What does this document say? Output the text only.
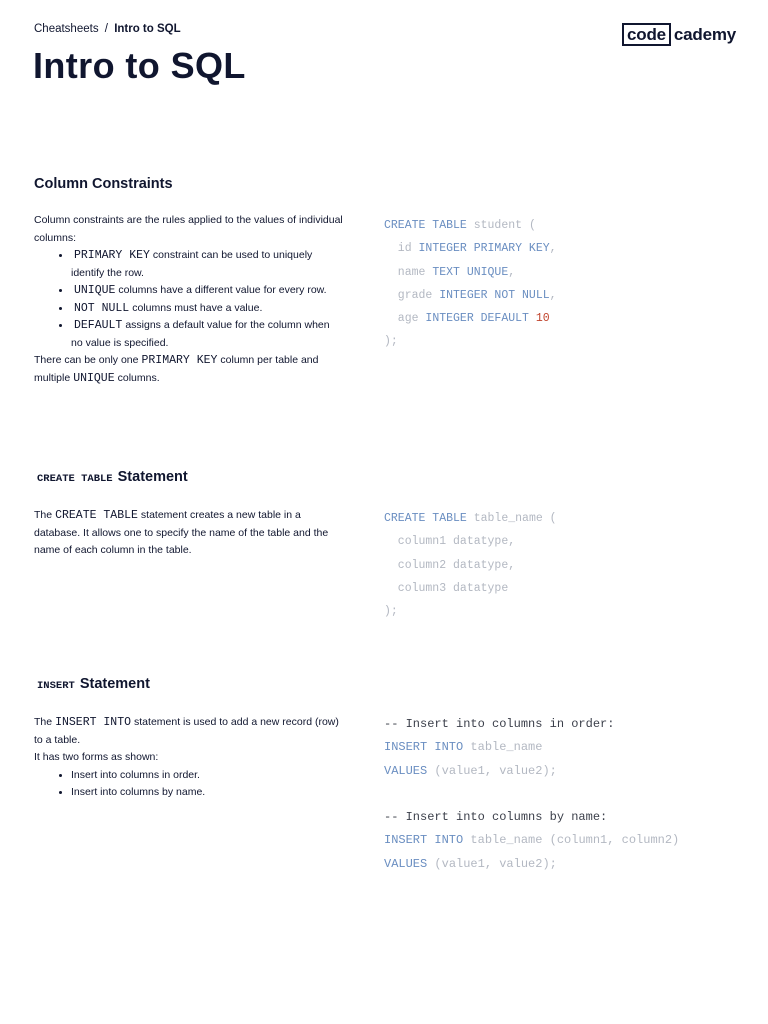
Cheatsheets / Intro to SQL	code cademy
Intro to SQL
Column Constraints

Column constraints are the rules applied to the values of individual columns:

• PRIMARY KEY constraint can be used to uniquely identify the row.
• UNIQUE columns have a different value for every row.
• NOT NULL columns must have a value.
• DEFAULT assigns a default value for the column when no value is specified.

There can be only one PRIMARY KEY column per table and multiple UNIQUE columns.

CREATE TABLE student (
id INTEGER PRIMARY KEY,
name TEXT UNIQUE,
grade INTEGER NOT NULL,
age INTEGER DEFAULT 10
);
CREATE TABLE Statement

The CREATE TABLE statement creates a new table in a database. It allows one to specify the name of the table and the name of each column in the table.

CREATE TABLE table_name (
column1 datatype,
column2 datatype,
column3 datatype
);
INSERT Statement

The INSERT INTO statement is used to add a new record (row) to a table.

It has two forms as shown:

• Insert into columns in order.
• Insert into columns by name.
-- Insert into columns in order:
INSERT INTO table_name
VALUES (value1, value2);

-- Insert into columns by name:
INSERT INTO table_name (column1, column2)
VALUES (value1, value2);
